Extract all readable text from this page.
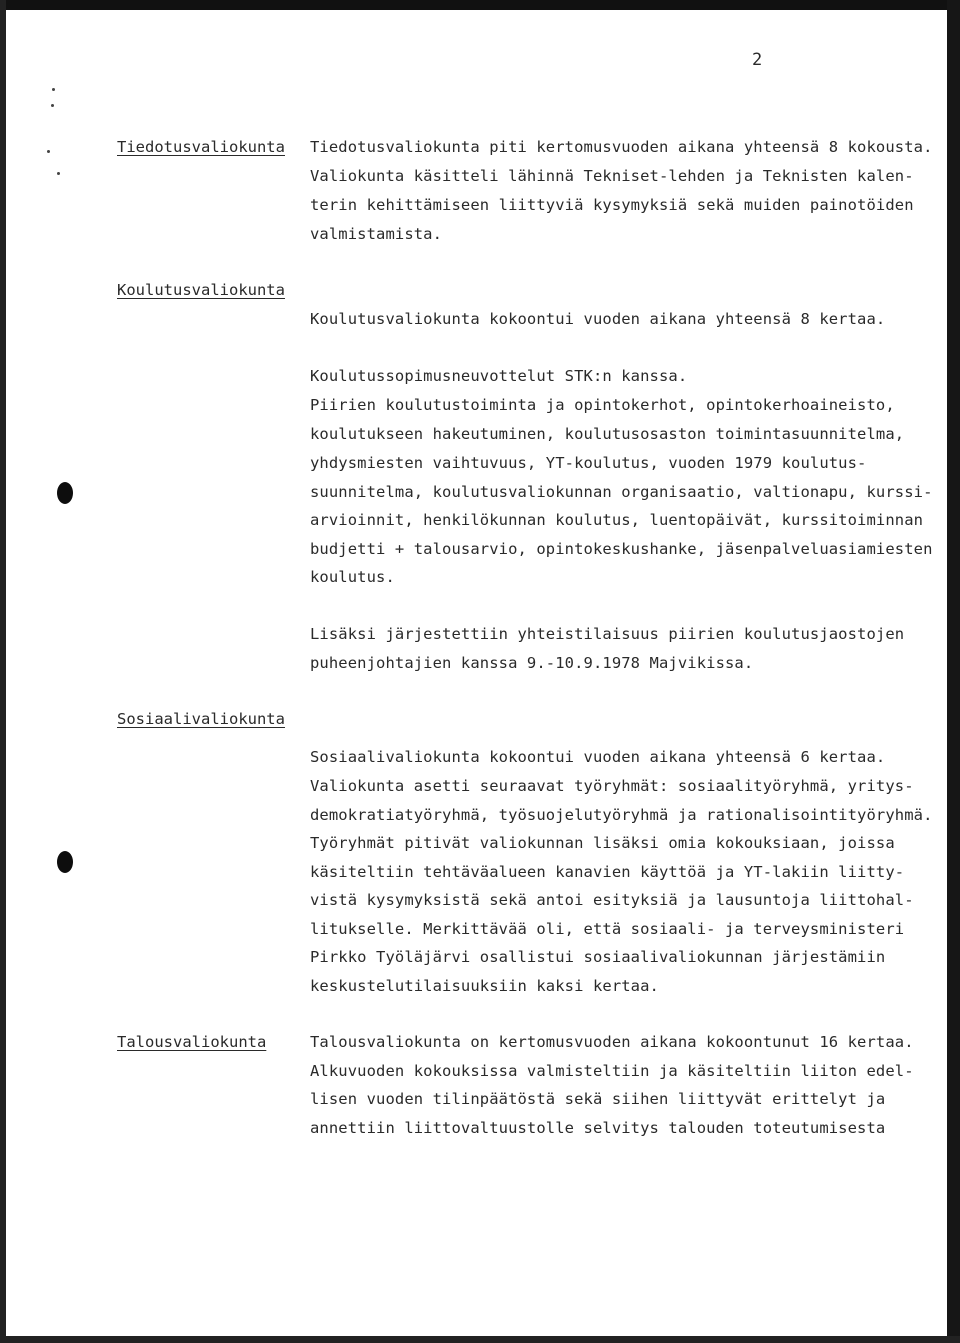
2
Tiedotusvaliokunta Tiedotusvaliokunta piti kertomusvuoden aikana yhteensä 8 kokousta.
Valiokunta käsitteli lähinnä Tekniset-lehden ja Teknisten kalen-
terin kehittämiseen liittyviä kysymyksiä sekä muiden painotöiden
valmistamista.
Koulutusvaliokunta
Koulutusvaliokunta kokoontui vuoden aikana yhteensä 8 kertaa.
Koulutussopimusneuvottelut STK:n kanssa.
Piirien koulutustoiminta ja opintokerhot, opintokerhoaineisto,
koulutukseen hakeutuminen, koulutusosaston toimintasuunnitelma,
yhdysmiesten vaihtuvuus, YT-koulutus, vuoden 1979 koulutus-
suunnitelma, koulutusvaliokunnan organisaatio, valtionapu, kurssi-
arvioinnit, henkilökunnan koulutus, luentopäivät, kurssitoiminnan
budjetti + talousarvio, opintokeskushanke, jäsenpalveluasiamiesten
koulutus.
Lisäksi järjestettiin yhteistilaisuus piirien koulutusjaostojen
puheenjohtajien kanssa 9.-10.9.1978 Majvikissa.
Sosiaalivaliokunta
Sosiaalivaliokunta kokoontui vuoden aikana yhteensä 6 kertaa.
Valiokunta asetti seuraavat työryhmät: sosiaalityöryhmä, yritys-
demokratiatyöryhmä, työsuojelutyöryhmä ja rationalisointityöryhmä.
Työryhmät pitivät valiokunnan lisäksi omia kokouksiaan, joissa
käsiteltiin tehtäväalueen kanavien käyttöä ja YT-lakiin liitty-
vistä kysymyksistä sekä antoi esityksiä ja lausuntoja liittohal-
litukselle. Merkittävää oli, että sosiaali- ja terveysministeri
Pirkko Työläjärvi osallistui sosiaalivaliokunnan järjestämiin
keskustelutilaisuuksiin kaksi kertaa.
Talousvaliokunta	Talousvaliokunta on kertomusvuoden aikana kokoontunut 16 kertaa.
Alkuvuoden kokouksissa valmisteltiin ja käsiteltiin liiton edel-
lisen vuoden tilinpäätöstä sekä siihen liittyvät erittelyt ja
annettiin liittovaltuustolle selvitys talouden toteutumisesta
